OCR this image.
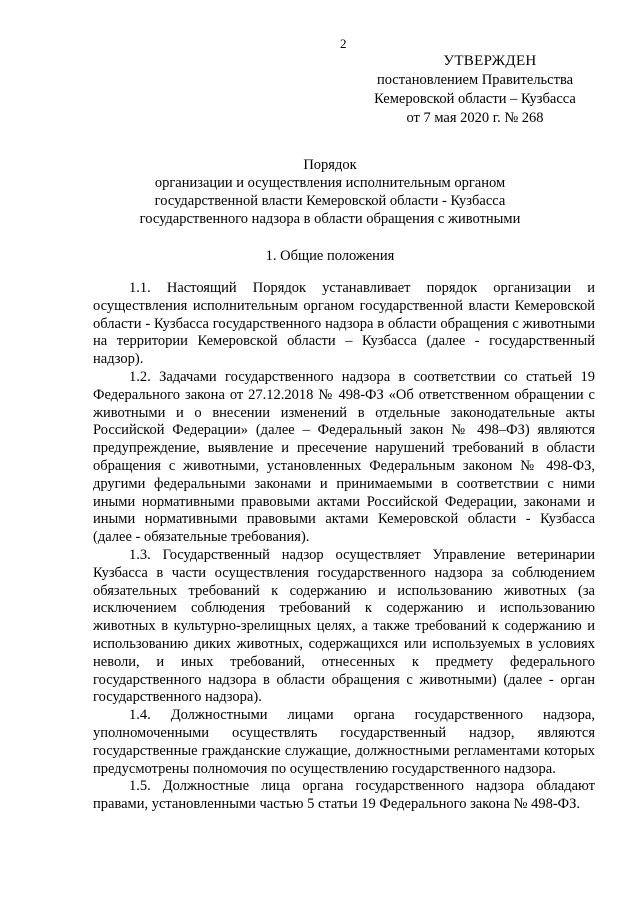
2
УТВЕРЖДЕН
постановлением Правительства
Кемеровской области – Кузбасса
от 7 мая 2020 г. № 268
Порядок
организации и осуществления исполнительным органом государственной власти Кемеровской области - Кузбасса государственного надзора в области обращения с животными
1. Общие положения

1.1. Настоящий Порядок устанавливает порядок организации и осуществления исполнительным органом государственной власти Кемеровской области - Кузбасса государственного надзора в области обращения с животными на территории Кемеровской области – Кузбасса (далее - государственный надзор).

1.2. Задачами государственного надзора в соответствии со статьей 19 Федерального закона от 27.12.2018 № 498-ФЗ «Об ответственном обращении с животными и о внесении изменений в отдельные законодательные акты Российской Федерации» (далее – Федеральный закон № 498–ФЗ) являются предупреждение, выявление и пресечение нарушений требований в области обращения с животными, установленных Федеральным законом № 498-ФЗ, другими федеральными законами и принимаемыми в соответствии с ними иными нормативными правовыми актами Российской Федерации, законами и иными нормативными правовыми актами Кемеровской области - Кузбасса (далее - обязательные требования).

1.3. Государственный надзор осуществляет Управление ветеринарии Кузбасса в части осуществления государственного надзора за соблюдением обязательных требований к содержанию и использованию животных (за исключением соблюдения требований к содержанию и использованию животных в культурно-зрелищных целях, а также требований к содержанию и использованию диких животных, содержащихся или используемых в условиях неволи, и иных требований, отнесенных к предмету федерального государственного надзора в области обращения с животными) (далее - орган государственного надзора).

1.4. Должностными лицами органа государственного надзора, уполномоченными осуществлять государственный надзор, являются государственные гражданские служащие, должностными регламентами которых предусмотрены полномочия по осуществлению государственного надзора.

1.5. Должностные лица органа государственного надзора обладают правами, установленными частью 5 статьи 19 Федерального закона № 498-ФЗ.
